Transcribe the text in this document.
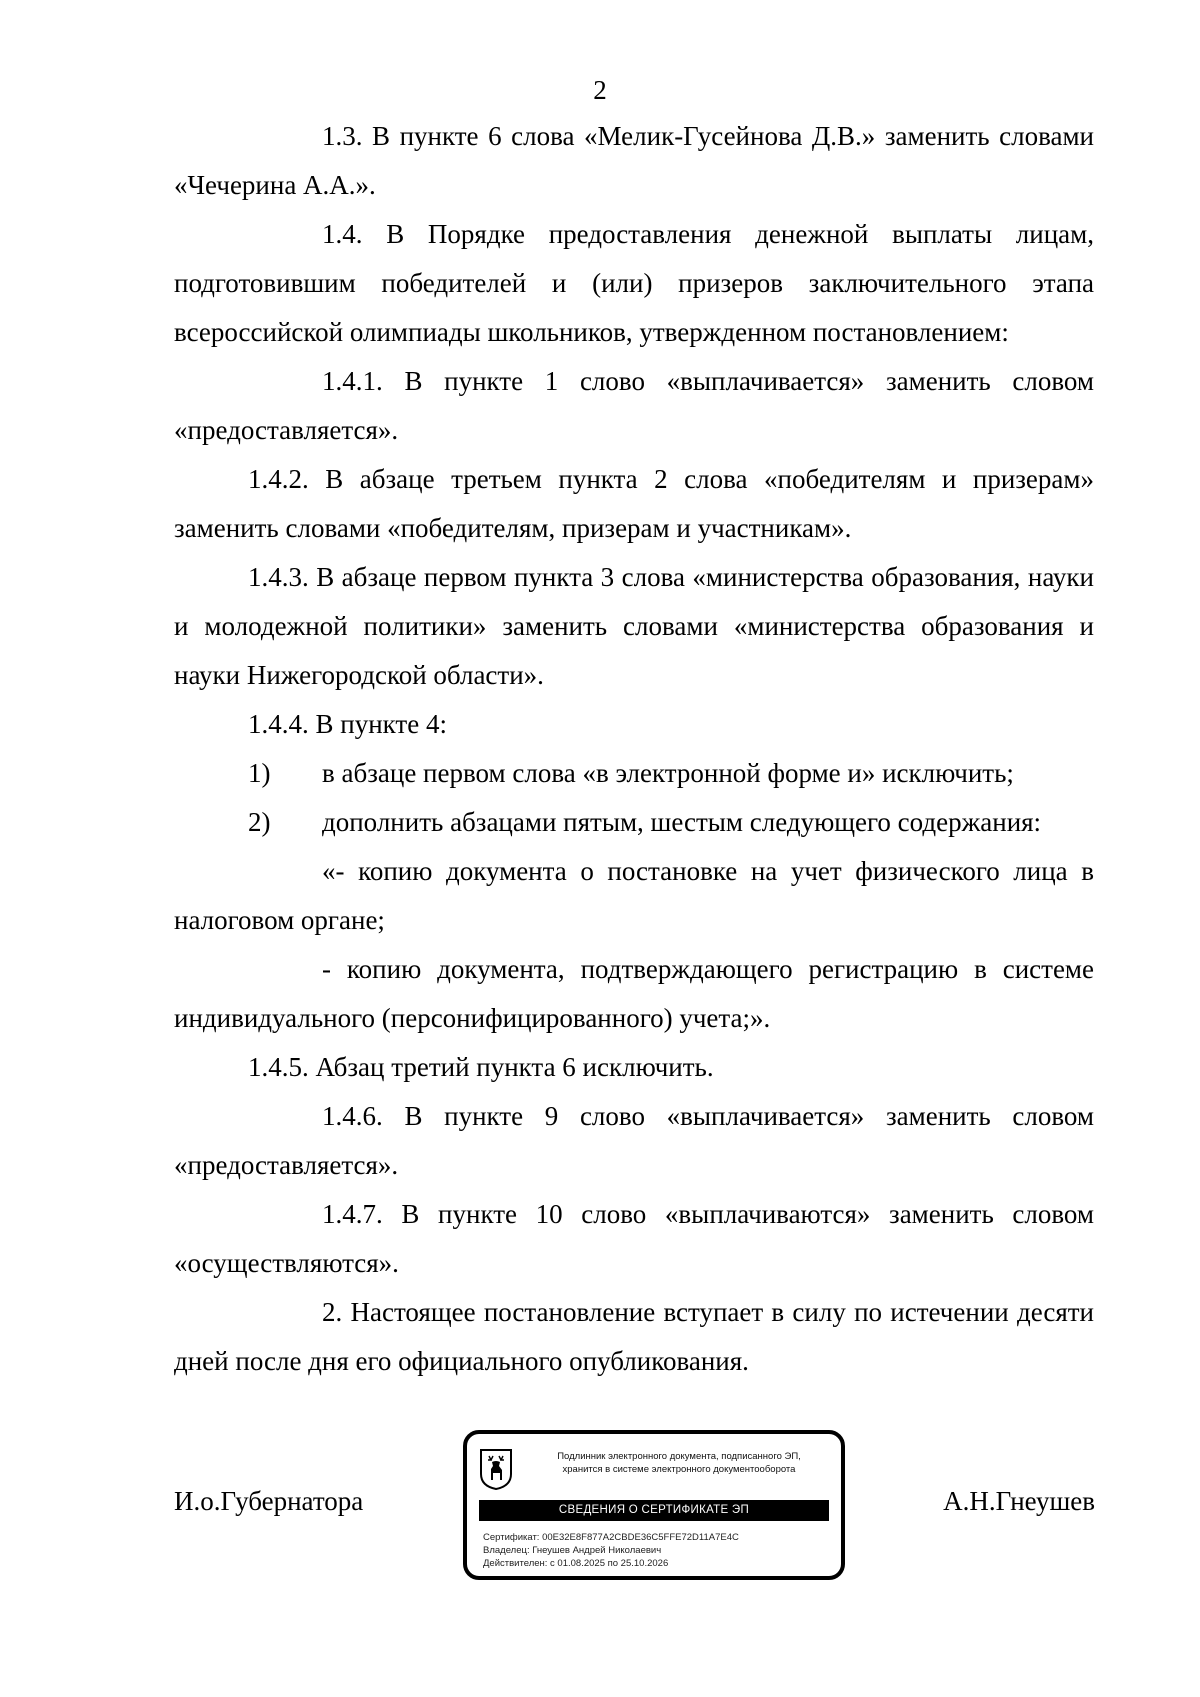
2

1.3. В пункте 6 слова «Мелик-Гусейнова Д.В.» заменить словами «Чечерина А.А.».

1.4. В Порядке предоставления денежной выплаты лицам, подготовившим победителей и (или) призеров заключительного этапа всероссийской олимпиады школьников, утвержденном постановлением:

1.4.1. В пункте 1 слово «выплачивается» заменить словом «предоставляется».

1.4.2. В абзаце третьем пункта 2 слова «победителям и призерам» заменить словами «победителям, призерам и участникам».

1.4.3. В абзаце первом пункта 3 слова «министерства образования, науки и молодежной политики» заменить словами «министерства образования и науки Нижегородской области».

1.4.4. В пункте 4:

1) в абзаце первом слова «в электронной форме и» исключить;

2) дополнить абзацами пятым, шестым следующего содержания:

«- копию документа о постановке на учет физического лица в налоговом органе;

- копию документа, подтверждающего регистрацию в системе индивидуального (персонифицированного) учета;».

1.4.5. Абзац третий пункта 6 исключить.

1.4.6. В пункте 9 слово «выплачивается» заменить словом «предоставляется».

1.4.7. В пункте 10 слово «выплачиваются» заменить словом «осуществляются».

2. Настоящее постановление вступает в силу по истечении десяти дней после дня его официального опубликования.

И.о.Губернатора
Подлинник электронного документа, подписанного ЭП,
хранится в системе электронного документооборота
СВЕДЕНИЯ О СЕРТИФИКАТЕ ЭП
Сертификат: 00E32E8F877A2CBDE36C5FFE72D11A7E4C
Владелец: Гнеушев Андрей Николаевич
Действителен: с 01.08.2025 по 25.10.2026
А.Н.Гнеушев
